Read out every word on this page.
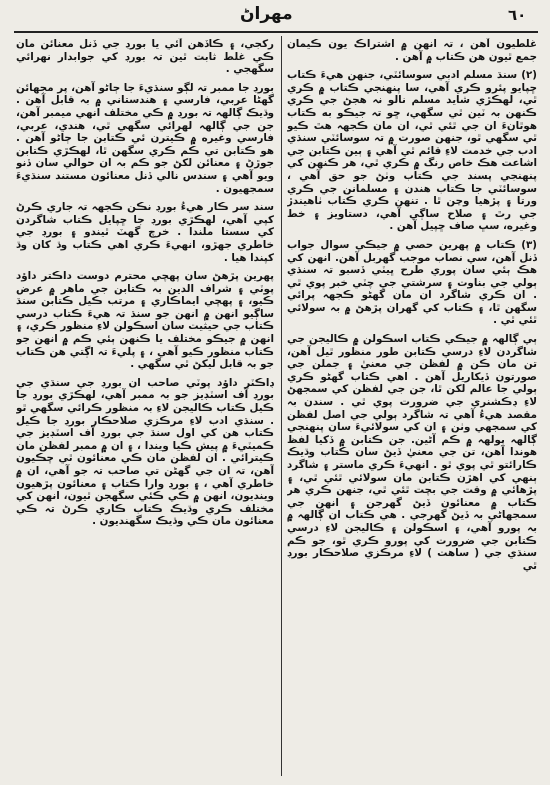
٦٠
مهراڻ

غلطيون آهن ، تہ انهن ۾ اشتراڪ يون ڪيمان جمع ٿيون هن ڪتاب ۾ آهن .

(٢) سنڌ مسلم ادبي سوسائٽي، جنهن هيءَ ڪتاب ڇپايو پئرو ڪري آهي، سا پنهنجي ڪتاب ۾ ڪري ٿي، لهڪڙي شايد مسلم نالو نہ هجڻ جي ڪري ڪنهن بہ ٽين ٿي سگهي، ڇو تہ جيڪو به ڪتاب هوٿانءَ ان جي ٿئي ٿي، ان مان ڪجهہ هٿ ڪيو ٿي سگهي ٿو، جنهن صورت ۾ تہ سوسائٽي سنڌي ادب جي خدمت لاءِ قائم ٿي آهي ۽ ٻين ڪتابن جي اشاعت هڪ خاص رنگ ۾ ڪري ٿي، هر ڪنهن کي پنهنجي پسند جي ڪتاب وٺڻ جو حق آهي ، سوسائٽي جا ڪتاب هندن ۽ مسلمانن جي ڪري ورتا ۽ پڙهيا وڃن ٿا . تنهن ڪري ڪتاب ٺاهيندڙ جي رٿ ۽ صلاح ساڳي آهي، دستاويز ۽ خط وغيره، سڀ صاف ڇپيل آهن .

(٣) ڪتاب ۾ پهرين حصي ۾ جيڪي سوال جواب ڏنل آهن، سي نصاب موجب گهربل آهن. انهن کي هڪ ٻئي سان پوري طرح ڀيٽي ڏسبو تہ سنڌي ٻولي جي بناوت ۽ سرشتي جي چٽي خبر پوي ٿي . ان ڪري شاگرد ان مان گهڻو ڪجهہ پرائي سگهن ٿا، ۽ ڪتاب کي گهران پڙهڻ ۾ بہ سولائي ٿئي ٿي .

ٻي ڳالهہ ۾ جيڪي ڪتاب اسڪولن ۾ ڪاليجن جي شاگردن لاءِ درسي ڪتابن طور منظور ٿيل آهن، تن مان ڪن ۾ لفظن جي معنيٰ ۽ جملن جي صورتون ڏيکاريل آهن . اهي ڪتاب گهڻو ڪري ٻولي جا عالم لکن ٿا، جن جي لفظن کي سمجهڻ لاءِ ڊڪشنري جي ضرورت پوي ٿي . سندن بہ مقصد هيءُ آهي تہ شاگرد ٻولي جي اصل لفظن کي سمجهي وٺن ۽ ان کي سولائيءَ سان پنهنجي ڳالهہ ٻولهہ ۾ ڪم آڻين. جن ڪتابن ۾ ڏکيا لفظ هوندا آهن، تن جي معنيٰ ڏيڻ سان ڪتاب وڌيڪ ڪارائتو ٿي پوي ٿو . انهيءَ ڪري ماستر ۽ شاگرد ٻنهي کي اهڙن ڪتابن مان سولائي ٿئي ٿي، ۽ پڙهائي ۾ وقت جي بچت ٿئي ٿي، جنهن ڪري هر ڪتاب ۾ معنائون ڏيڻ گهرجن ۽ انهن جي سمجهاڻي بہ ڏيڻ گهرجي . هي ڪتاب ان ڳالهہ ۾ بہ پورو آهي، ۽ اسڪولن ۽ ڪاليجن لاءِ درسي ڪتابن جي ضرورت کي پورو ڪري ٿو، جو ڪم سنڌي جي ( ساهت ) لاءِ مرڪزي صلاحڪار بورڊ ٿي

رکجي، ۽ ڪاڏهن آئي يا بورڊ جي ڏنل معنائن مان ڪي غلط ثابت ٿين تہ بورڊ کي جوابدار نهرائي سگهجي .

بورڊ جا ممبر تہ لڳو سنڌيءَ جا ڄاڻو آهن، پر مجهائن گهڻا عربي، فارسي ۽ هندستاني ۾ بہ قابل آهن . وڌيڪ ڳالهہ تہ بورڊ ۾ ڪي مختلف انهي ميمبر آهن، جن جي ڳالهہ لهرائي سگهي ٿي، هندي، عربي، فارسي وغيره ۾ ڪيترن ئي ڪتابن جا ڄاڻو آهن . هو ڪتابن تي ڪم ڪري سگهن ٿا، لهڪڙي ڪتابن جوڙڻ ۽ معنائن لکڻ جو ڪم بہ ان حوالي سان ڏنو ويو آهي ۽ سندس نالي ڏنل معنائون مستند سنڌيءَ سمجهيون .

سند سر ڪار هيءُ بورڊ نڪن ڪجهہ تہ جاري ڪرڻ کپي آهي، لهڪڙي بورڊ جا ڇپايل ڪتاب شاگردن کي سستا ملندا . خرچ گهٽ ٿيندو ۽ بورڊ جي خاطري جهڙو، انهيءَ ڪري اهي ڪتاب وڌ کان وڌ کپندا هيا .

پهرين پڙهڻ سان پهچي محترم دوست داڪتر داؤد پوٽي ۽ شراف الدين بہ ڪتابن جي ماهر ۾ عرض ڪيو، ۽ پهچي ايماڪاري ۽ مرتب ڪيل ڪتابن سنڌ ساڳيو انهن ۾ انهن جو سنڌ تہ هيءَ ڪتاب درسي ڪتاب جي حيثيت سان اسڪولن لاءِ منظور ڪري، ۽ انهن ۾ جيڪو مختلف يا ڪنهن ٻئي ڪم ۾ انهن جو ڪتاب منظور ڪيو آهي ، ۽ پليءَ تہ اڳتي هن ڪتاب جو بہ قابل ليکڻ ٿي سگهي .

ڊاڪٽر داؤد پوٽي صاحب ان بورڊ جي سنڌي جي بورڊ آف اسٽڊيز جو بہ ممبر آهي، لهڪڙي بورڊ جا ڪيل ڪتاب ڪاليجن لاءِ بہ منظور ڪرائي سگهي ٿو . سنڌي ادب لاءِ مرڪزي صلاحڪار بورڊ جا ڪيل ڪتاب هن کي اول سنڌ جي بورڊ آف اسٽڊيز جي ڪميٽيءَ ۾ پيش ڪيا ويندا ، ۽ ان ۾ ممبر لفظن مان ڪيترائي . ان لفظن مان ڪي معنائون ٿي چڪيون آهن، تہ ان جي گهڻن تي صاحب تہ جو آهي، ان ۾ خاطري آهي ، ۽ بورڊ وارا ڪتاب ۽ معنائون پڙهيون وينديون، انهن ۾ ڪي ڪئي سگهجن ٿيون، انهن کي مختلف ڪري وڌيڪ ڪتاب ڪاري ڪرڻ تہ ڪي معنائون مان ڪي وڌيڪ سگهنديون .
